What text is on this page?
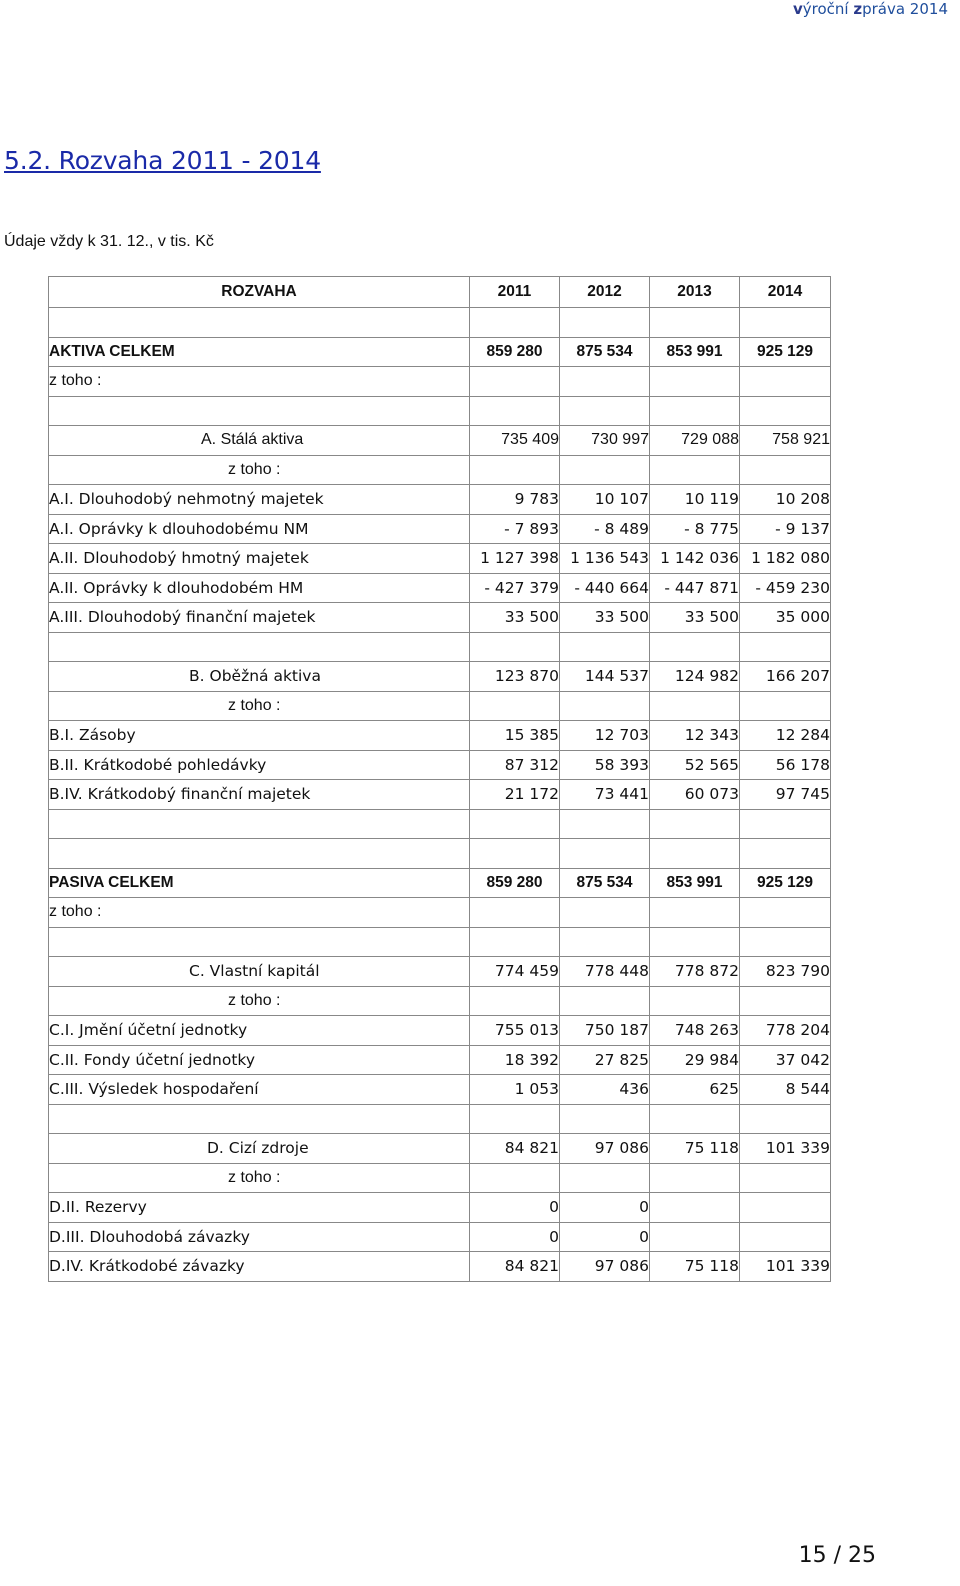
výroční zpráva 2014
5.2. Rozvaha 2011 - 2014
Údaje vždy k 31. 12., v tis. Kč
ROZVAHA	2011	2012	2013	2014

AKTIVA CELKEM	859 280	875 534	853 991	925 129
z toho :				

A. Stálá aktiva	735 409	730 997	729 088	758 921
z toho :				
A.I. Dlouhodobý nehmotný majetek	9 783	10 107	10 119	10 208
A.I. Oprávky k dlouhodobému NM	- 7 893	- 8 489	- 8 775	- 9 137
A.II. Dlouhodobý hmotný majetek	1 127 398	1 136 543	1 142 036	1 182 080
A.II. Oprávky k dlouhodobém HM	- 427 379	- 440 664	- 447 871	- 459 230
A.III. Dlouhodobý finanční majetek	33 500	33 500	33 500	35 000

B. Oběžná aktiva	123 870	144 537	124 982	166 207
z toho :				
B.I. Zásoby	15 385	12 703	12 343	12 284
B.II. Krátkodobé pohledávky	87 312	58 393	52 565	56 178
B.IV. Krátkodobý finanční majetek	21 172	73 441	60 073	97 745

PASIVA CELKEM	859 280	875 534	853 991	925 129
z toho :				

C. Vlastní kapitál	774 459	778 448	778 872	823 790
z toho :				
C.I. Jmění účetní jednotky	755 013	750 187	748 263	778 204
C.II. Fondy účetní jednotky	18 392	27 825	29 984	37 042
C.III. Výsledek hospodaření	1 053	436	625	8 544

D. Cizí zdroje	84 821	97 086	75 118	101 339
z toho :				
D.II. Rezervy	0	0		
D.III. Dlouhodobá závazky	0	0		
D.IV. Krátkodobé závazky	84 821	97 086	75 118	101 339
15 / 25
